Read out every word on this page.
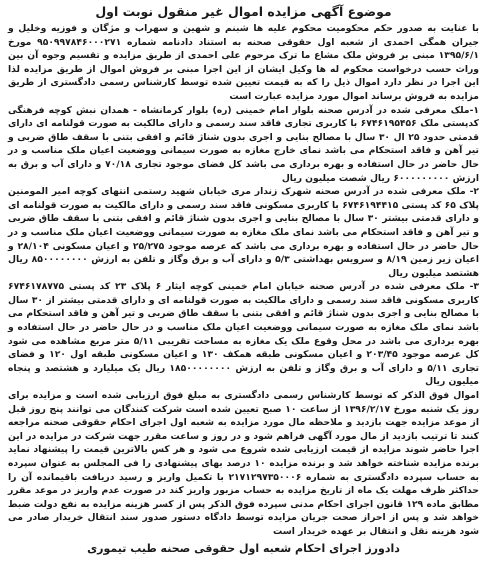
موضوع آگهی مزایده اموال غیر منقول نوبت اول

با عنایت به صدور حکم محکومیت محکوم علیه ها شبنم و شهین و سهراب و مژگان و فوزیه وخلیل و جیران همگی احمدی از شعبه اول حقوقی صحنه به استناد دادنامه شماره ۹۵۰۹۹۷۸۴۶۰۰۰۲۷۱ مورخ ۱۳۹۵/۶/۱ مبنی بر فروش ملک مشاع ما ترک مرحوم علی احمدی از طریق مزایده و تقسیم وجوه آن بین وراث حسب درخواست محکوم له ها وکیل ایشان از این اجرا مبنی بر فروش اموال از طریق مزایده لذا این اجرا در نظر دارد اموال ذیل را که به قیمت تعیین شده توسط کارشناس رسمی دادگستری از طریق مزایده به فروش برساند اموال مورد مزایده عبارت است

۱-ملک معرفی شده در آدرس صحنه بلوار امام خمینی (ره) بلوار کرمانشاه - همدان نبش کوچه فرهنگی کدپستی ملک ۶۷۴۶۱۹۵۴۵۶ با کاربری تجاری فاقد سند رسمی و دارای مالکیت به صورت قولنامه ای دارای قدمتی حدود ۲۵ ال ۳۰ سال با مصالح بنایی و اجری بدون شناژ قائم و افقی بتنی با سقف طاق ضربی و تیر آهن و فاقد استحکام می باشد نمای خارج مغازه به صورت سیمانی ووضعیت اعیان ملک مناسب و در حال حاضر در حال استفاده و بهره برداری می باشد کل فضای موجود تجاری ۷۰/۱۸ و دارای آب و برق به ارزش ۶۰۰۰۰۰۰۰۰۰ ریال شصت میلیون ریال

۲- ملک معرفی شده در آدرس صحنه شهرک زندار مری خیابان شهید رستمی انتهای کوچه امیر المومنین پلاک ۶۵ کد پستی ۶۷۴۶۱۹۴۴۱۵ با کاربری مسکونی فاقد سند رسمی و دارای مالکیت به صورت قولنامه ای و دارای قدمتی بیشتر ۳۰ سال با مصالح بنایی و اجری بدون شناژ قائم و افقی بتنی با سقف طاق ضربی و تیر آهن و فاقد استحکام می باشد نمای ملک مغازه به صورت سیمانی ووضعیت اعیان ملک مناسب و در حال حاضر در حال استفاده و بهره برداری می باشد که عرصه موجود ۲۵/۲۷۵ و اعیان مسکونی ۲۸/۱۰۴ و اعیان زیر زمین ۸/۱۹ و سرویس بهداشتی ۵/۳ و دارای آب و برق وگاز و تلفن به ارزش ۸۵۰۰۰۰۰۰۰۰ ریال هشتصد میلیون ریال

۳- ملک معرفی شده در آدرس صحنه خیابان امام خمینی کوچه ایثار ۶ پلاک ۲۳ کد پستی ۶۷۴۶۱۷۸۷۷۵ کاربری مسکونی فاقد سند رسمی و دارای مالکیت به صورت قولنامه ای و دارای قدمتی بیشتر از ۳۰ سال با مصالح بنایی و اجری بدون شناژ قائم و افقی بتنی با سقف طاق ضربی و تیر آهن و فاقد استحکام می باشد نمای ملک مغازه به صورت سیمانی ووضعیت اعیان ملک مناسب و در حال حاضر در حال استفاده و بهره برداری می باشد در محل وقوع ملک یک مغازه به مساحت تقریبی ۵/۱۱ متر مربع مشاهده می شود کل عرصه موجود ۲۰۳/۴۵ و اعیان مسکونی طبقه همکف ۱۳۰ و اعیان مسکونی طبقه اول ۱۲۰ و فضای تجاری ۵/۱۱ و دارای آب و برق وگاز و تلفن به ارزش ۱۸۵۰۰۰۰۰۰۰۰ ریال یک میلیارد و هشتصد و پنجاه میلیون ریال

اموال فوق الذکر که توسط کارشناس رسمی دادگستری به مبلغ فوق ارزیابی شده است و مزایده برای روز یک شنبه مورخ ۱۳۹۶/۲/۱۷ از ساعت ۱۰ صبح تعیین شده است شرکت کنندگان می توانند پنج روز قبل از موعد مزایده جهت بازدید و ملاحظه مال مورد مزایده به شعبه اول اجرای احکام حقوقی صحنه مراجعه کنند تا ترتیب بازدید از مال مورد آگهی فراهم شود و در روز و ساعت مقرر جهت شرکت در مزایده در این اجرا حاضر شوند مزایده از قیمت ارزیابی شده شروع می شود و هر کس بالاترین قیمت را پیشنهاد نماید برنده مزایده شناخته خواهد شد و برنده مزایده ۱۰ درصد بهای پیشنهادی را فی المجلس به عنوان سپرده به حساب سپرده دادگستری به شماره ۲۱۷۱۲۹۷۳۵۰۰۰۶ با تکمیل واریز و رسید دریافت باقیمانده آن را حداکثر ظرف مهلت یک ماه از تاریخ مزایده به حساب مزبور واریز کند در صورت عدم واریز در موعد مقرر مطابق ماده ۱۲۹ قانون اجرای احکام مدنی سپرده فوق الذکر پس از کسر هزینه مزایده به نفع دولت ضبط خواهد شد و پس از احراز صحت جریان مزایده توسط دادگاه دستور صدور سند انتقال خریدار صادر می شود هزینه نقل و انتقال بر عهده خریدار است

دادورز اجرای احکام شعبه اول حقوقی صحنه طیب تیموری
